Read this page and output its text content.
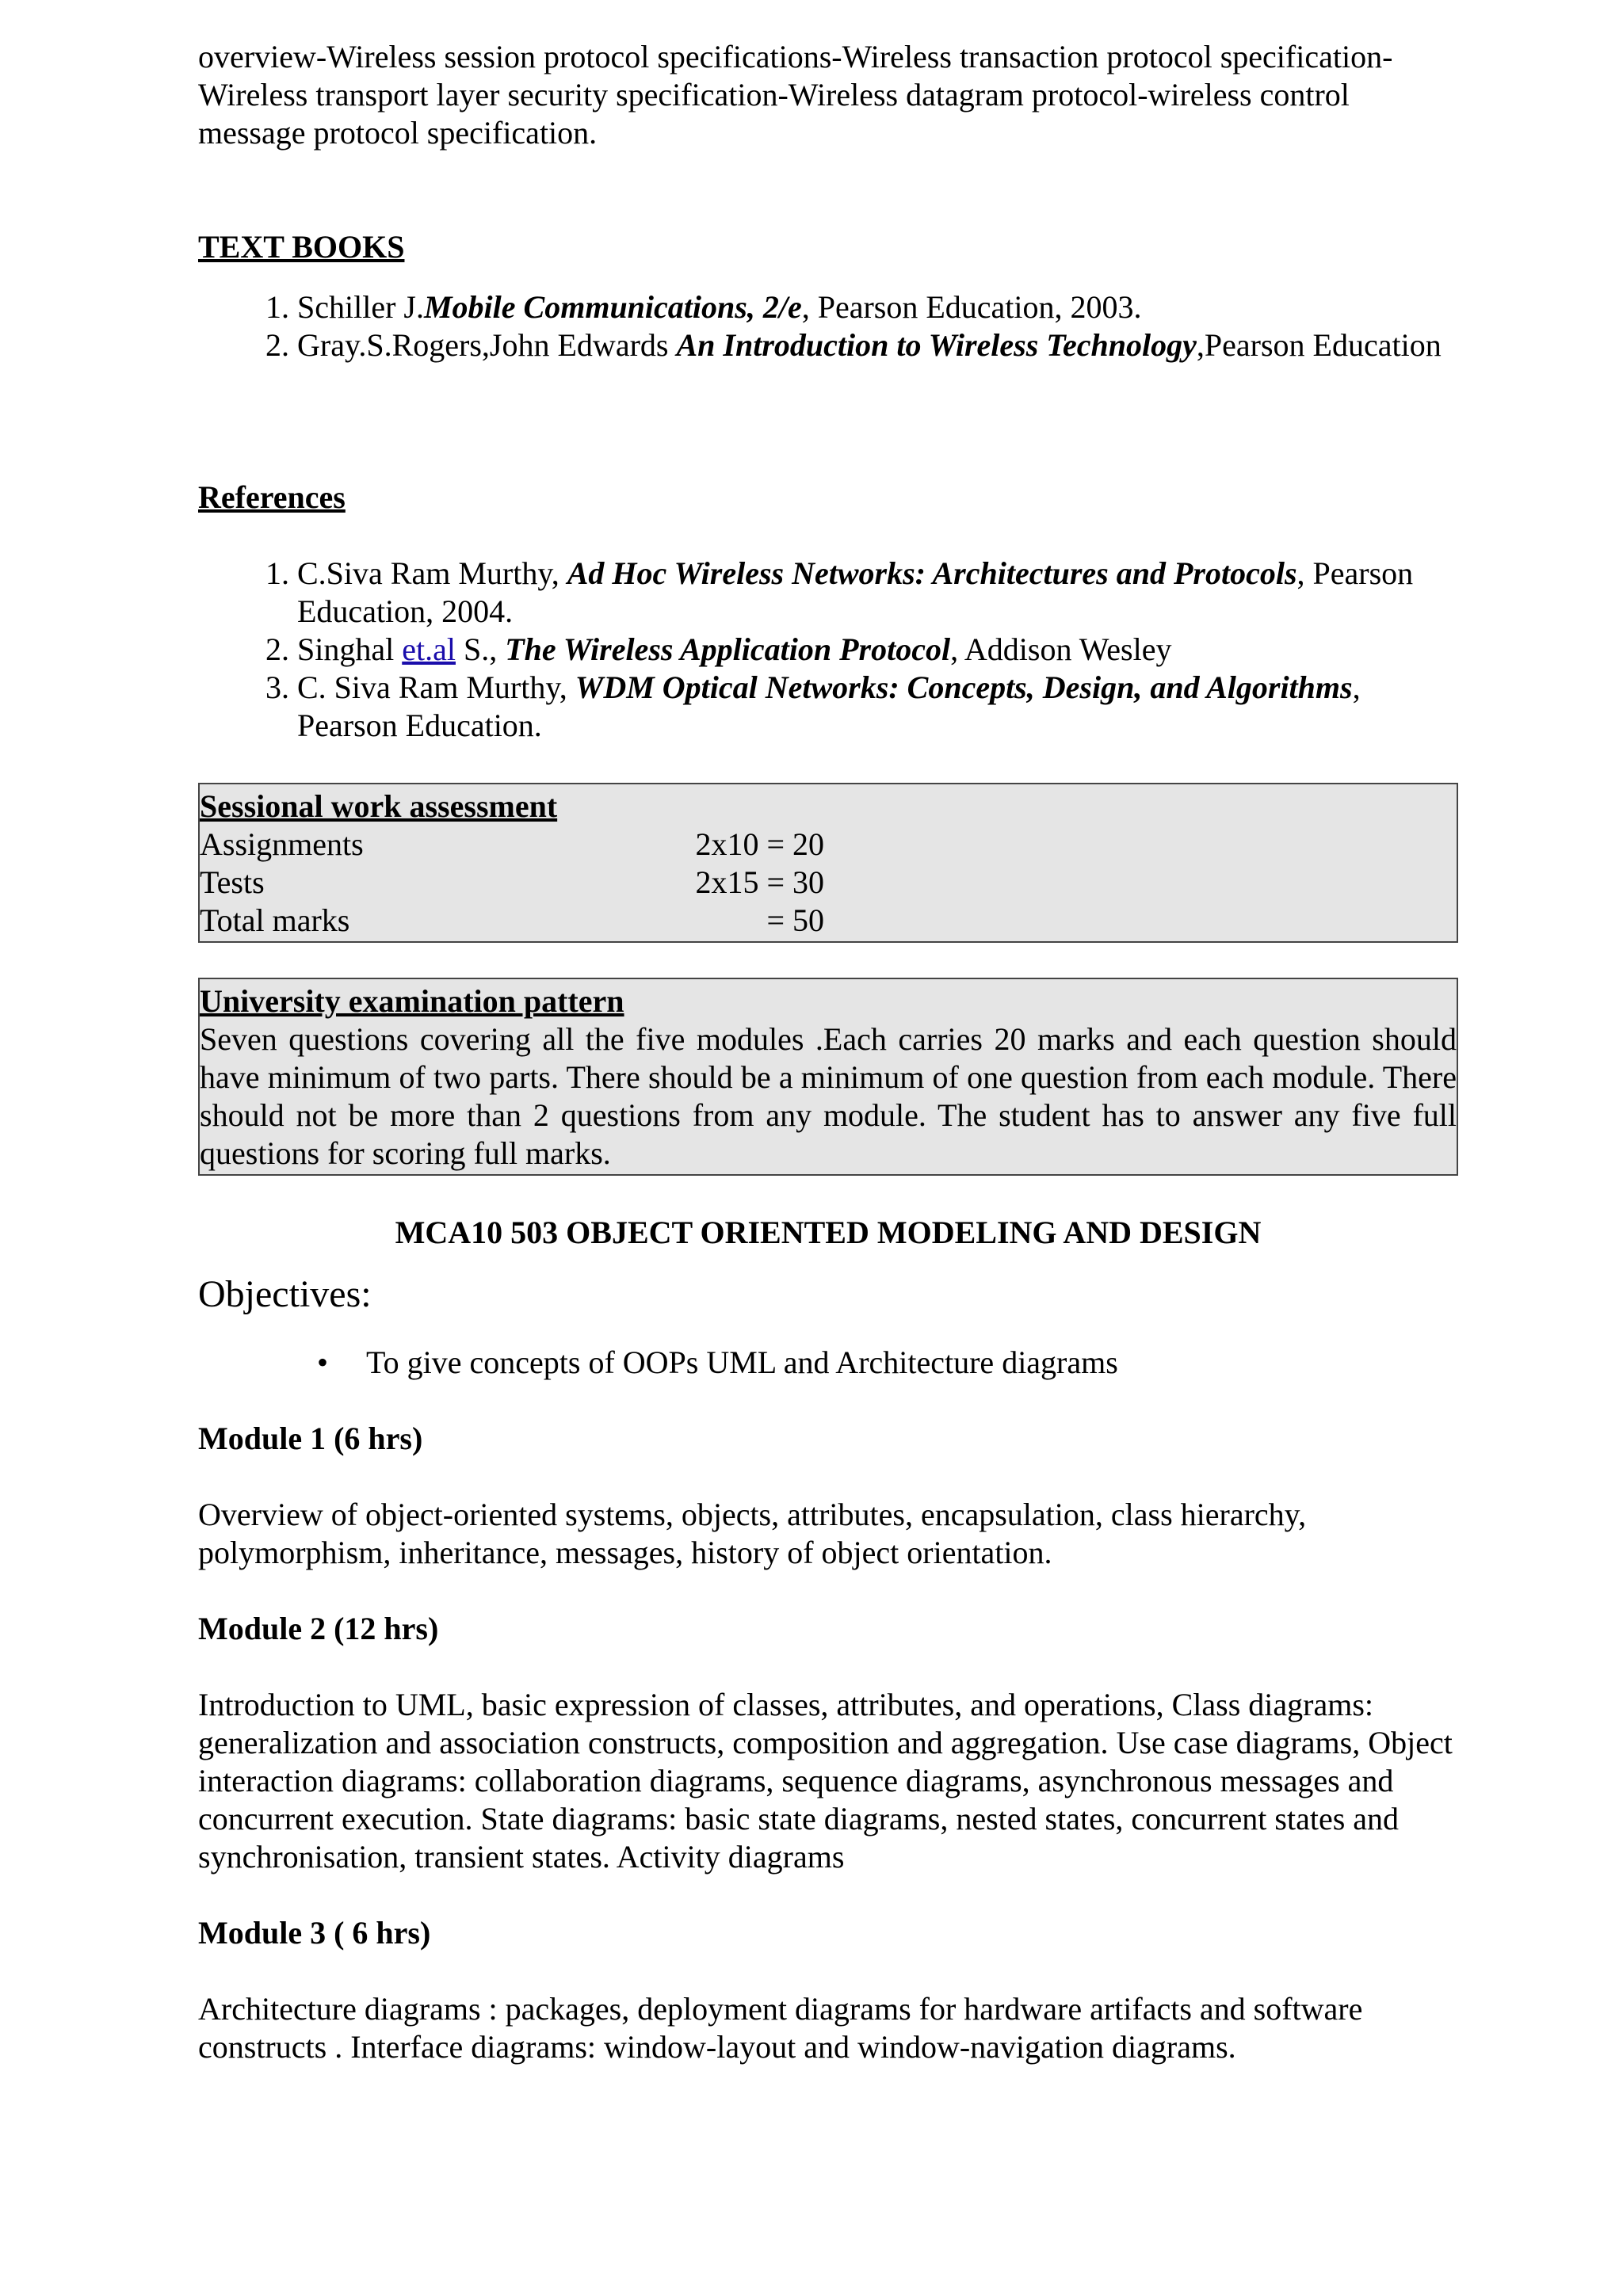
overview-Wireless session protocol specifications-Wireless transaction protocol specification-Wireless transport layer security specification-Wireless datagram protocol-wireless control message protocol specification.

TEXT BOOKS

1. Schiller J.Mobile Communications, 2/e, Pearson Education, 2003.
2. Gray.S.Rogers,John Edwards An Introduction to Wireless Technology,Pearson Education

References

1. C.Siva Ram Murthy, Ad Hoc Wireless Networks: Architectures and Protocols, Pearson Education, 2004.
2. Singhal et.al S., The Wireless Application Protocol, Addison Wesley
3. C. Siva Ram Murthy, WDM Optical Networks: Concepts, Design, and Algorithms, Pearson Education.
Sessional work assessment
Assignments	2x10 = 20
Tests	2x15 = 30
Total marks	= 50
University examination pattern
Seven questions covering all the five modules .Each carries 20 marks and each question should have minimum of two parts. There should be a minimum of one question from each module. There should not be more than 2 questions from any module. The student has to answer any five full questions for scoring full marks.

MCA10 503 OBJECT ORIENTED MODELING AND DESIGN

Objectives:

• To give concepts of OOPs UML and Architecture diagrams

Module 1 (6 hrs)

Overview of object-oriented systems, objects, attributes, encapsulation, class hierarchy, polymorphism, inheritance, messages, history of object orientation.

Module 2 (12 hrs)

Introduction to UML, basic expression of classes, attributes, and operations, Class diagrams: generalization and association constructs, composition and aggregation. Use case diagrams, Object interaction diagrams: collaboration diagrams, sequence diagrams, asynchronous messages and concurrent execution. State diagrams: basic state diagrams, nested states, concurrent states and synchronisation, transient states. Activity diagrams

Module 3 ( 6 hrs)

Architecture diagrams : packages, deployment diagrams for hardware artifacts and software constructs . Interface diagrams: window-layout and window-navigation diagrams.
